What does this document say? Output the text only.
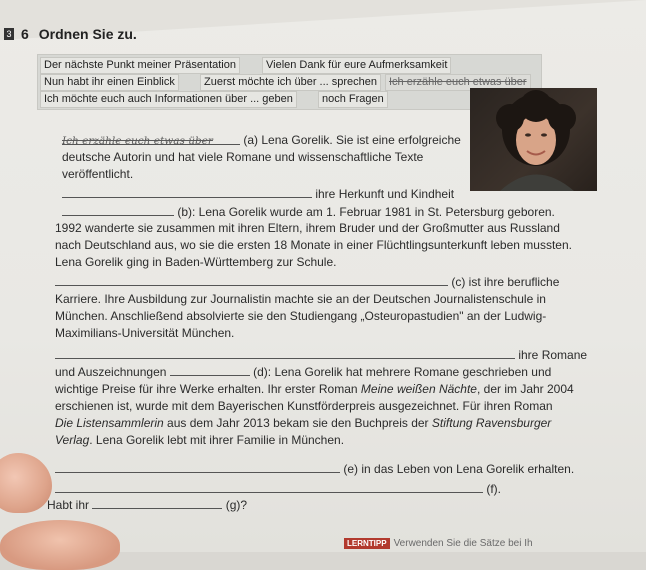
3 6 Ordnen Sie zu.
Der nächste Punkt meiner Präsentation	Vielen Dank für eure Aufmerksamkeit
Nun habt ihr einen Einblick	Zuerst möchte ich über ... sprechen	Ich erzähle euch etwas über
Ich möchte euch auch Informationen über ... geben	noch Fragen
Ich erzähle euch etwas über	(a) Lena Gorelik. Sie ist eine erfolgreiche
deutsche Autorin und hat viele Romane und wissenschaftliche Texte
veröffentlicht.
ihre Herkunft und Kindheit
(b): Lena Gorelik wurde am 1. Februar 1981 in St. Petersburg geboren.
1992 wanderte sie zusammen mit ihren Eltern, ihrem Bruder und der Großmutter aus Russland
nach Deutschland aus, wo sie die ersten 18 Monate in einer Flüchtlingsunterkunft leben mussten.
Lena Gorelik ging in Baden-Württemberg zur Schule.
(c) ist ihre berufliche
Karriere. Ihre Ausbildung zur Journalistin machte sie an der Deutschen Journalistenschule in
München. Anschließend absolvierte sie den Studiengang „Osteuropastudien" an der Ludwig-
Maximilians-Universität München.
ihre Romane
und Auszeichnungen	(d): Lena Gorelik hat mehrere Romane geschrieben und
wichtige Preise für ihre Werke erhalten. Ihr erster Roman Meine weißen Nächte, der im Jahr 2004
erschienen ist, wurde mit dem Bayerischen Kunstförderpreis ausgezeichnet. Für ihren Roman
Die Listensammlerin aus dem Jahr 2013 bekam sie den Buchpreis der Stiftung Ravensburger
Verlag. Lena Gorelik lebt mit ihrer Familie in München.
(e) in das Leben von Lena Gorelik erhalten.
(f).
Habt ihr	(g)?
LERNTIPP Verwenden Sie die Sätze bei Ih
